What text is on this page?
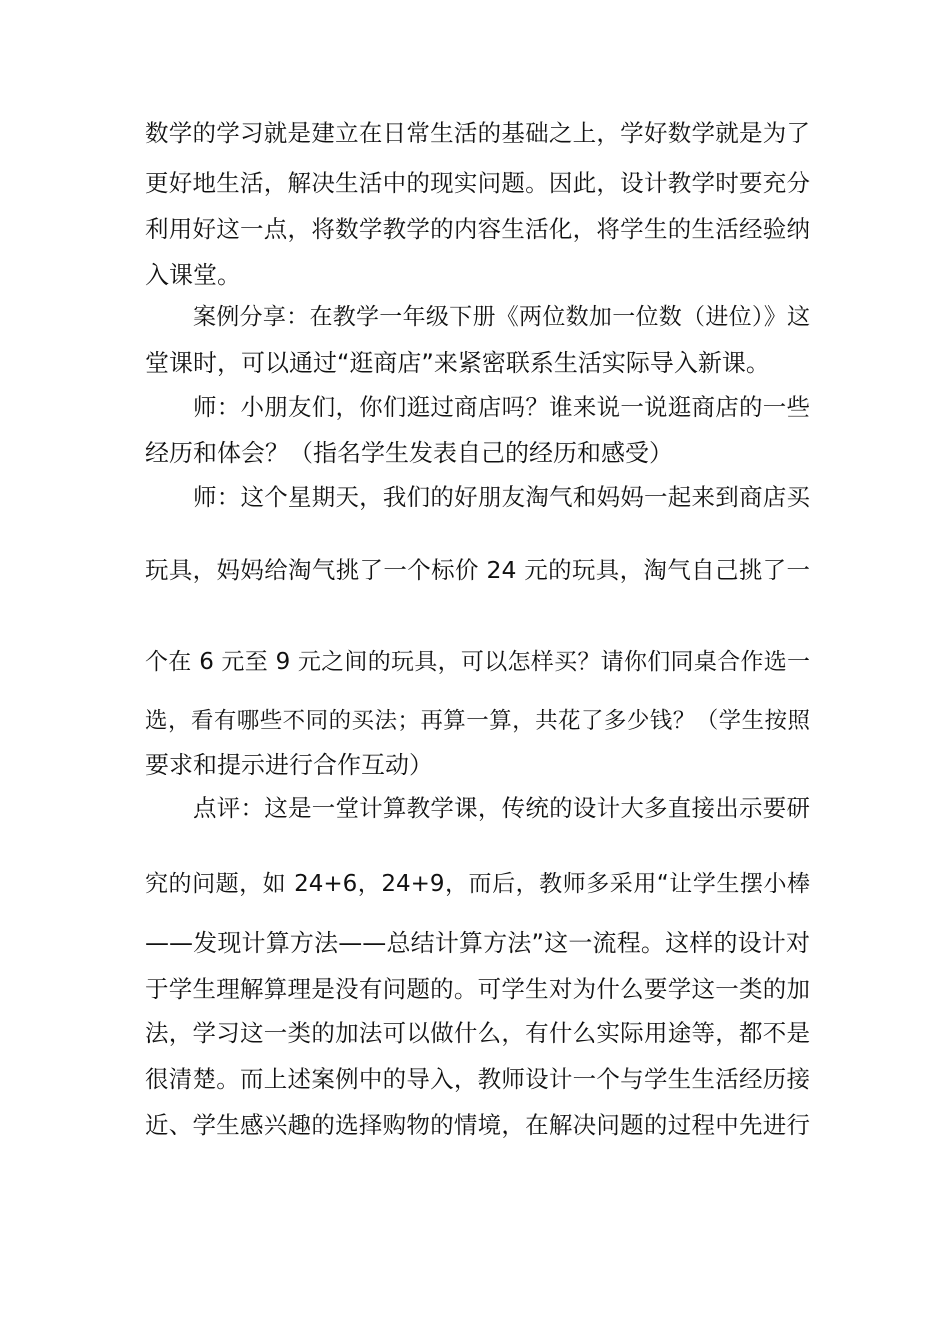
数学的学习就是建立在日常生活的基础之上，学好数学就是为了
更好地生活，解决生活中的现实问题。因此，设计教学时要充分
利用好这一点，将数学教学的内容生活化，将学生的生活经验纳
入课堂。
案例分享：在教学一年级下册《两位数加一位数（进位）》这
堂课时，可以通过“逛商店”来紧密联系生活实际导入新课。
师：小朋友们，你们逛过商店吗？谁来说一说逛商店的一些
经历和体会？（指名学生发表自己的经历和感受）
师：这个星期天，我们的好朋友淘气和妈妈一起来到商店买
玩具，妈妈给淘气挑了一个标价 24 元的玩具，淘气自己挑了一
个在 6 元至 9 元之间的玩具，可以怎样买？请你们同桌合作选一
选，看有哪些不同的买法；再算一算，共花了多少钱？（学生按照
要求和提示进行合作互动）
点评：这是一堂计算教学课，传统的设计大多直接出示要研
究的问题，如 24+6，24+9，而后，教师多采用“让学生摆小棒
——发现计算方法——总结计算方法”这一流程。这样的设计对
于学生理解算理是没有问题的。可学生对为什么要学这一类的加
法，学习这一类的加法可以做什么，有什么实际用途等，都不是
很清楚。而上述案例中的导入，教师设计一个与学生生活经历接
近、学生感兴趣的选择购物的情境，在解决问题的过程中先进行
